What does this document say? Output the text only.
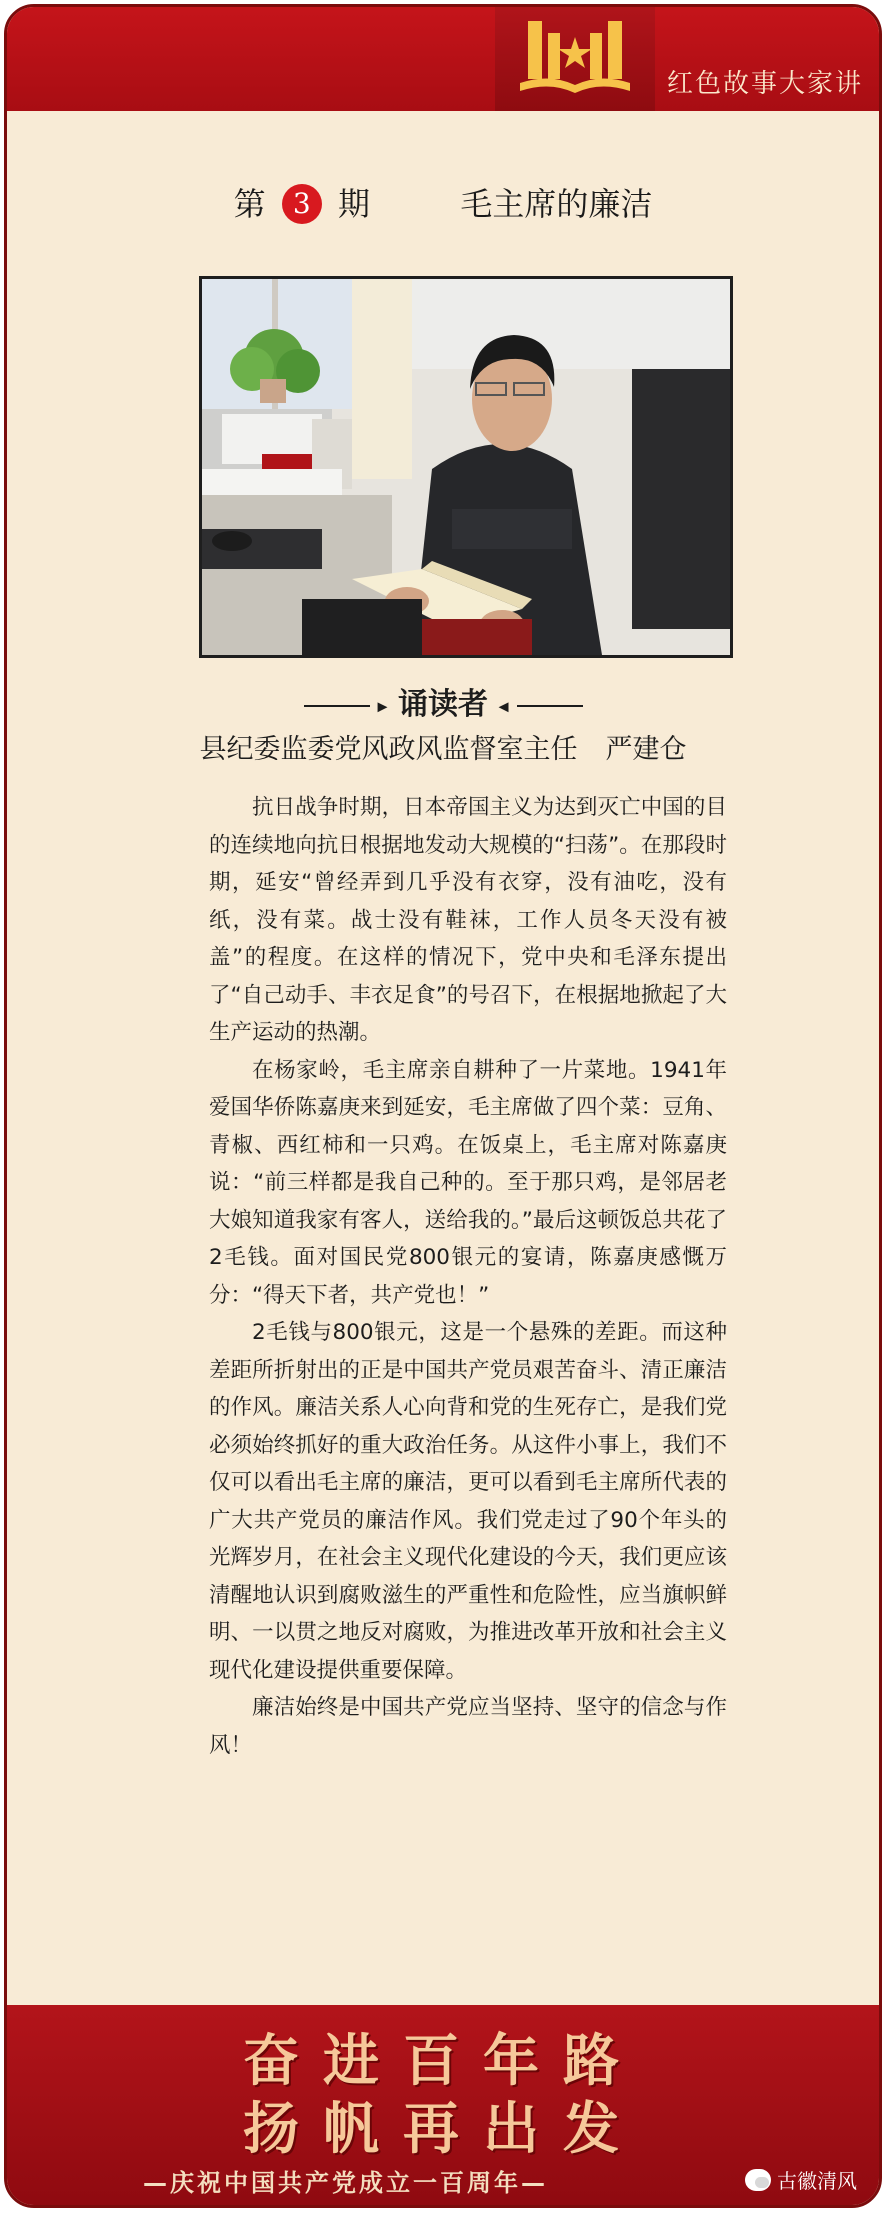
红色故事大家讲
第 3 期	毛主席的廉洁
▸ 诵读者 ◂
县纪委监委党风政风监督室主任 严建仓

抗日战争时期，日本帝国主义为达到灭亡中国的目的连续地向抗日根据地发动大规模的“扫荡”。在那段时期，延安“曾经弄到几乎没有衣穿，没有油吃，没有纸，没有菜。战士没有鞋袜，工作人员冬天没有被盖”的程度。在这样的情况下，党中央和毛泽东提出了“自己动手、丰衣足食”的号召下，在根据地掀起了大生产运动的热潮。

在杨家岭，毛主席亲自耕种了一片菜地。1941年爱国华侨陈嘉庚来到延安，毛主席做了四个菜：豆角、青椒、西红柿和一只鸡。在饭桌上，毛主席对陈嘉庚说：“前三样都是我自己种的。至于那只鸡，是邻居老大娘知道我家有客人，送给我的。”最后这顿饭总共花了2毛钱。面对国民党800银元的宴请，陈嘉庚感慨万分：“得天下者，共产党也！”

2毛钱与800银元，这是一个悬殊的差距。而这种差距所折射出的正是中国共产党员艰苦奋斗、清正廉洁的作风。廉洁关系人心向背和党的生死存亡，是我们党必须始终抓好的重大政治任务。从这件小事上，我们不仅可以看出毛主席的廉洁，更可以看到毛主席所代表的广大共产党员的廉洁作风。我们党走过了90个年头的光辉岁月，在社会主义现代化建设的今天，我们更应该清醒地认识到腐败滋生的严重性和危险性，应当旗帜鲜明、一以贯之地反对腐败，为推进改革开放和社会主义现代化建设提供重要保障。

廉洁始终是中国共产党应当坚持、坚守的信念与作风！

奋进百年路
扬帆再出发
—庆祝中国共产党成立一百周年—	古徽清风
